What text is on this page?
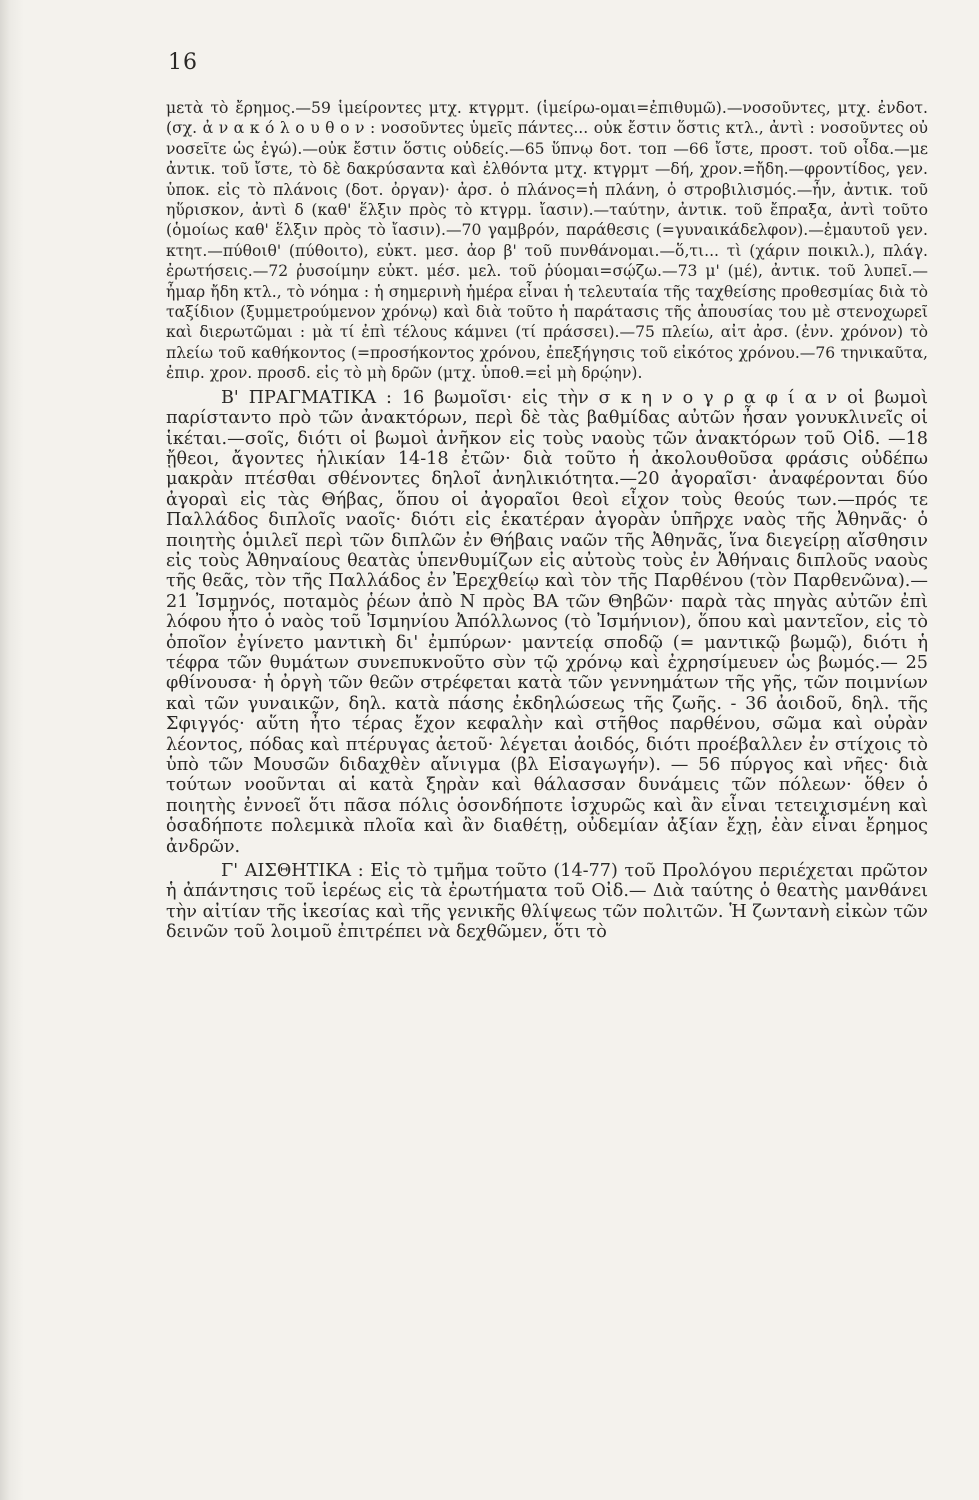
16

μετὰ τὸ ἔρημος.—59 ἱμείροντες μτχ. κτγρμτ. (ἱμείρω-ομαι=ἐπιθυμῶ).—νοσοῦντες, μτχ. ἐνδοτ. (σχ. ἀ ν α κ ό λ ο υ θ ο ν : νοσοῦντες ὑμεῖς πάντες... οὐκ ἔστιν ὅστις κτλ., ἀντὶ : νοσοῦντες οὐ νοσεῖτε ὡς ἐγώ).—οὐκ ἔστιν ὅστις οὐδείς.—65 ὕπνῳ δοτ. τοπ —66 ἴστε, προστ. τοῦ οἶδα.—με ἀντικ. τοῦ ἴστε, τὸ δὲ δακρύσαντα καὶ ἐλθόντα μτχ. κτγρμτ —δή, χρον.=ἤδη.—φροντίδος, γεν. ὑποκ. εἰς τὸ πλάνοις (δοτ. ὀργαν)· ἀρσ. ὁ πλάνος=ἡ πλάνη, ὁ στροβιλισμός.—ἦν, ἀντικ. τοῦ ηὕρισκον, ἀντὶ δ (καθ' ἕλξιν πρὸς τὸ κτγρμ. ἴασιν).—ταύτην, ἀντικ. τοῦ ἔπραξα, ἀντὶ τοῦτο (ὁμοίως καθ' ἕλξιν πρὸς τὸ ἴασιν).—70 γαμβρόν, παράθεσις (=γυναικάδελφον).—ἐμαυτοῦ γεν. κτητ.—πύθοιθ' (πύθοιτο), εὐκτ. μεσ. ἀορ β' τοῦ πυνθάνομαι.—ὅ,τι... τὶ (χάριν ποικιλ.), πλάγ. ἐρωτήσεις.—72 ῥυσοίμην εὐκτ. μέσ. μελ. τοῦ ῥύομαι=σῴζω.—73 μ' (μέ), ἀντικ. τοῦ λυπεῖ.—ἦμαρ ἤδη κτλ., τὸ νόημα : ἡ σημερινὴ ἡμέρα εἶναι ἡ τελευταία τῆς ταχθείσης προθεσμίας διὰ τὸ ταξίδιον (ξυμμετρούμενον χρόνῳ) καὶ διὰ τοῦτο ἡ παράτασις τῆς ἀπουσίας του μὲ στενοχωρεῖ καὶ διερωτῶμαι : μὰ τί ἐπὶ τέλους κάμνει (τί πράσσει).—75 πλείω, αἰτ ἀρσ. (ἐνν. χρόνον) τὸ πλείω τοῦ καθήκοντος (=προσήκοντος χρόνου, ἐπεξήγησις τοῦ εἰκότος χρόνου.—76 τηνικαῦτα, ἐπιρ. χρον. προσδ. εἰς τὸ μὴ δρῶν (μτχ. ὑποθ.=εἰ μὴ δρῴην).

Β' ΠΡΑΓΜΑΤΙΚΑ : 16 βωμοῖσι· εἰς τὴν σ κ η ν ο γ ρ α φ ί α ν οἱ βωμοὶ παρίσταντο πρὸ τῶν ἀνακτόρων, περὶ δὲ τὰς βαθμίδας αὐτῶν ἦσαν γονυκλινεῖς οἱ ἱκέται.—σοῖς, διότι οἱ βωμοὶ ἀνῆκον εἰς τοὺς ναοὺς τῶν ἀνακτόρων τοῦ Οἰδ. —18 ᾔθεοι, ἄγοντες ἡλικίαν 14-18 ἐτῶν· διὰ τοῦτο ἡ ἀκολουθοῦσα φράσις οὐδέπω μακρὰν πτέσθαι σθένοντες δηλοῖ ἀνηλικιότητα.—20 ἀγοραῖσι· ἀναφέρονται δύο ἀγοραὶ εἰς τὰς Θήβας, ὅπου οἱ ἀγοραῖοι θεοὶ εἶχον τοὺς θεούς των.—πρός τε Παλλάδος διπλοῖς ναοῖς· διότι εἰς ἑκατέραν ἀγορὰν ὑπῆρχε ναὸς τῆς Ἀθηνᾶς· ὁ ποιητὴς ὁμιλεῖ περὶ τῶν διπλῶν ἐν Θήβαις ναῶν τῆς Ἀθηνᾶς, ἵνα διεγείρῃ αἴσθησιν εἰς τοὺς Ἀθηναίους θεατὰς ὑπενθυμίζων εἰς αὐτοὺς τοὺς ἐν Ἀθήναις διπλοῦς ναοὺς τῆς θεᾶς, τὸν τῆς Παλλάδος ἐν Ἐρεχθείῳ καὶ τὸν τῆς Παρθένου (τὸν Παρθενῶνα).— 21 Ἰσμηνός, ποταμὸς ῥέων ἀπὸ Ν πρὸς ΒΑ τῶν Θηβῶν· παρὰ τὰς πηγὰς αὐτῶν ἐπὶ λόφου ἦτο ὁ ναὸς τοῦ Ἰσμηνίου Ἀπόλλωνος (τὸ Ἰσμήνιον), ὅπου καὶ μαντεῖον, εἰς τὸ ὁποῖον ἐγίνετο μαντικὴ δι' ἐμπύρων· μαντείᾳ σποδῷ (= μαντικῷ βωμῷ), διότι ἡ τέφρα τῶν θυμάτων συνεπυκνοῦτο σὺν τῷ χρόνῳ καὶ ἐχρησίμευεν ὡς βωμός.— 25 φθίνουσα· ἡ ὀργὴ τῶν θεῶν στρέφεται κατὰ τῶν γεννημάτων τῆς γῆς, τῶν ποιμνίων καὶ τῶν γυναικῶν, δηλ. κατὰ πάσης ἐκδηλώσεως τῆς ζωῆς. - 36 ἀοιδοῦ, δηλ. τῆς Σφιγγός· αὕτη ἦτο τέρας ἔχον κεφαλὴν καὶ στῆθος παρθένου, σῶμα καὶ οὐρὰν λέοντος, πόδας καὶ πτέρυγας ἀετοῦ· λέγεται ἀοιδός, διότι προέβαλλεν ἐν στίχοις τὸ ὑπὸ τῶν Μουσῶν διδαχθὲν αἴνιγμα (βλ Εἰσαγωγήν). — 56 πύργος καὶ νῆες· διὰ τούτων νοοῦνται αἱ κατὰ ξηρὰν καὶ θάλασσαν δυνάμεις τῶν πόλεων· ὅθεν ὁ ποιητὴς ἐννοεῖ ὅτι πᾶσα πόλις ὁσονδήποτε ἰσχυρῶς καὶ ἂν εἶναι τετειχισμένη καὶ ὁσαδήποτε πολεμικὰ πλοῖα καὶ ἂν διαθέτῃ, οὐδεμίαν ἀξίαν ἔχῃ, ἐὰν εἶναι ἔρημος ἀνδρῶν.

Γ' ΑΙΣΘΗΤΙΚΑ : Εἰς τὸ τμῆμα τοῦτο (14-77) τοῦ Προλόγου περιέχεται πρῶτον ἡ ἀπάντησις τοῦ ἱερέως εἰς τὰ ἐρωτήματα τοῦ Οἰδ.— Διὰ ταύτης ὁ θεατὴς μανθάνει τὴν αἰτίαν τῆς ἱκεσίας καὶ τῆς γενικῆς θλίψεως τῶν πολιτῶν. Ἡ ζωντανὴ εἰκὼν τῶν δεινῶν τοῦ λοιμοῦ ἐπιτρέπει νὰ δεχθῶμεν, ὅτι τὸ
